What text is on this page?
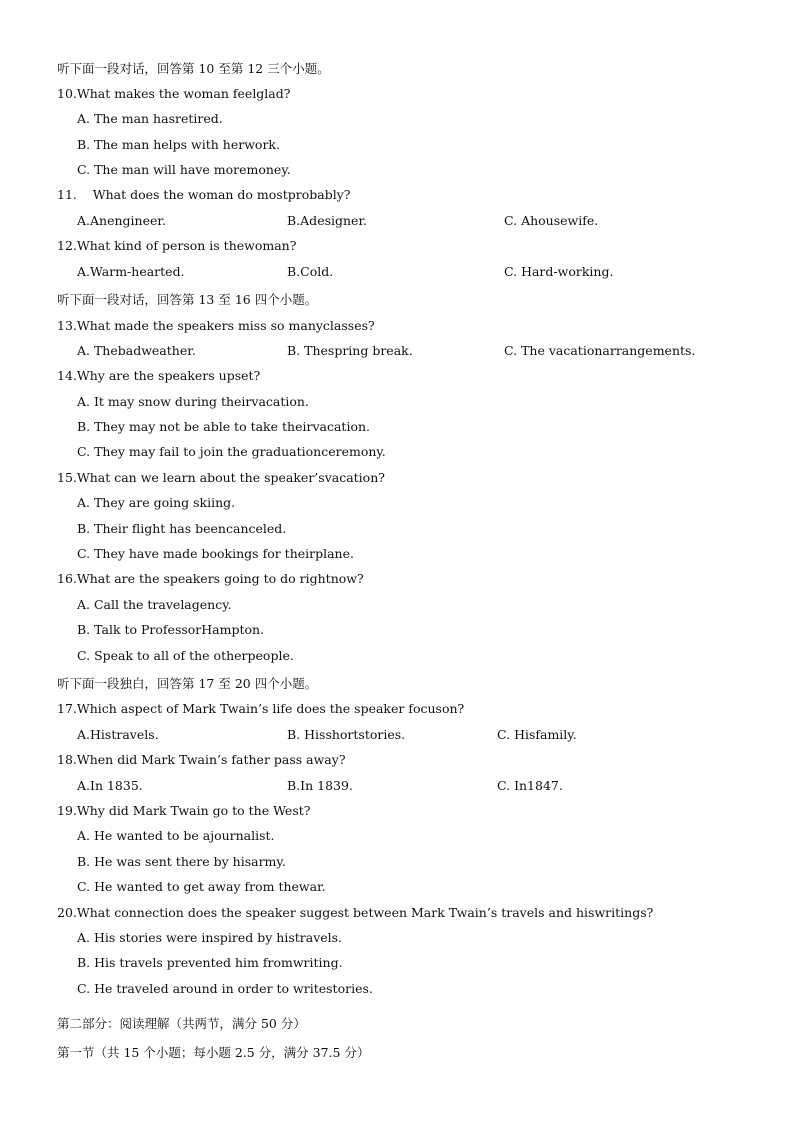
听下面一段对话，回答第 10 至第 12 三个小题。
10.What makes the woman feelglad?
A. The man hasretired.
B. The man helps with herwork.
C. The man will have moremoney.
11.    What does the woman do mostprobably?
A.Anengineer.	B.Adesigner.	C. Ahousewife.
12.What kind of person is thewoman?
A.Warm-hearted.	B.Cold.	C. Hard-working.
听下面一段对话，回答第 13 至 16 四个小题。
13.What made the speakers miss so manyclasses?
A. Thebadweather.	B. Thespring break.	C. The vacationarrangements.
14.Why are the speakers upset?
A. It may snow during theirvacation.
B. They may not be able to take theirvacation.
C. They may fail to join the graduationceremony.
15.What can we learn about the speaker’svacation?
A. They are going skiing.
B. Their flight has beencanceled.
C. They have made bookings for theirplane.
16.What are the speakers going to do rightnow?
A. Call the travelagency.
B. Talk to ProfessorHampton.
C. Speak to all of the otherpeople.
听下面一段独白，回答第 17 至 20 四个小题。
17.Which aspect of Mark Twain’s life does the speaker focuson?
A.Histravels.	B. Hisshortstories.	C. Hisfamily.
18.When did Mark Twain’s father pass away?
A.In 1835.	B.In 1839.	C. In1847.
19.Why did Mark Twain go to the West?
A. He wanted to be ajournalist.
B. He was sent there by hisarmy.
C. He wanted to get away from thewar.
20.What connection does the speaker suggest between Mark Twain’s travels and hiswritings?
A. His stories were inspired by histravels.
B. His travels prevented him fromwriting.
C. He traveled around in order to writestories.
第二部分：阅读理解（共两节，满分 50 分）
第一节（共 15 个小题；每小题 2.5 分，满分 37.5 分）
